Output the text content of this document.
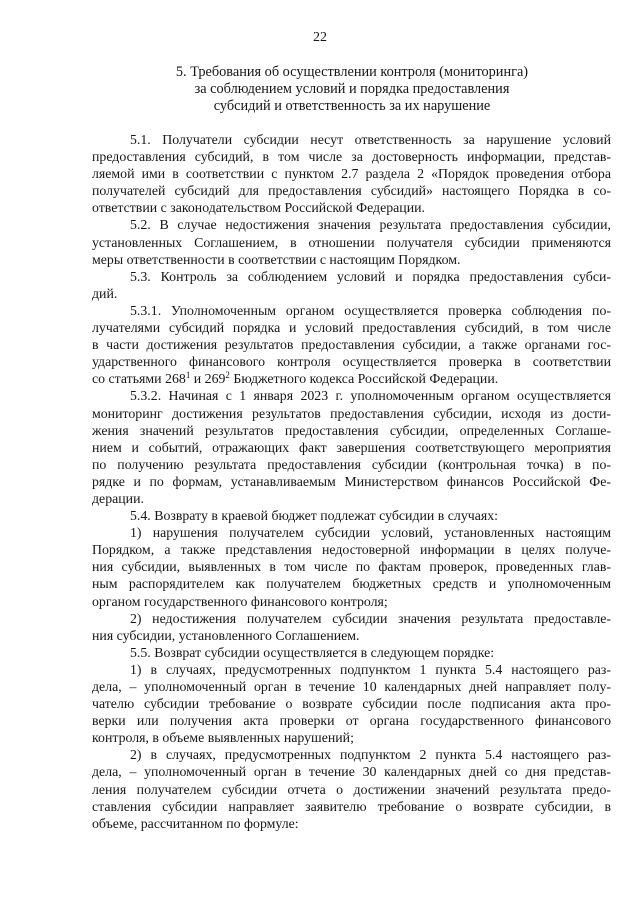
22
5. Требования об осуществлении контроля (мониторинга)
за соблюдением условий и порядка предоставления
субсидий и ответственность за их нарушение

5.1. Получатели субсидии несут ответственность за нарушение условий
предоставления субсидий, в том числе за достоверность информации, представ-
ляемой ими в соответствии с пунктом 2.7 раздела 2 «Порядок проведения отбора
получателей субсидий для предоставления субсидий» настоящего Порядка в со-
ответствии с законодательством Российской Федерации.

5.2. В случае недостижения значения результата предоставления субсидии,
установленных Соглашением, в отношении получателя субсидии применяются
меры ответственности в соответствии с настоящим Порядком.

5.3. Контроль за соблюдением условий и порядка предоставления субси-
дий.

5.3.1. Уполномоченным органом осуществляется проверка соблюдения по-
лучателями субсидий порядка и условий предоставления субсидий, в том числе
в части достижения результатов предоставления субсидии, а также органами гос-
ударственного финансового контроля осуществляется проверка в соответствии
со статьями $268^1$ и $269^2$ Бюджетного кодекса Российской Федерации.

5.3.2. Начиная с 1 января 2023 г. уполномоченным органом осуществляется
мониторинг достижения результатов предоставления субсидии, исходя из дости-
жения значений результатов предоставления субсидии, определенных Соглаше-
нием и событий, отражающих факт завершения соответствующего мероприятия
по получению результата предоставления субсидии (контрольная точка) в по-
рядке и по формам, устанавливаемым Министерством финансов Российской Фе-
дерации.

5.4. Возврату в краевой бюджет подлежат субсидии в случаях:

1) нарушения получателем субсидии условий, установленных настоящим
Порядком, а также представления недостоверной информации в целях получе-
ния субсидии, выявленных в том числе по фактам проверок, проведенных глав-
ным распорядителем как получателем бюджетных средств и уполномоченным
органом государственного финансового контроля;

2) недостижения получателем субсидии значения результата предоставле-
ния субсидии, установленного Соглашением.

5.5. Возврат субсидии осуществляется в следующем порядке:

1) в случаях, предусмотренных подпунктом 1 пункта 5.4 настоящего раз-
дела, – уполномоченный орган в течение 10 календарных дней направляет полу-
чателю субсидии требование о возврате субсидии после подписания акта про-
верки или получения акта проверки от органа государственного финансового
контроля, в объеме выявленных нарушений;

2) в случаях, предусмотренных подпунктом 2 пункта 5.4 настоящего раз-
дела, – уполномоченный орган в течение 30 календарных дней со дня представ-
ления получателем субсидии отчета о достижении значений результата предо-
ставления субсидии направляет заявителю требование о возврате субсидии, в
объеме, рассчитанном по формуле:
